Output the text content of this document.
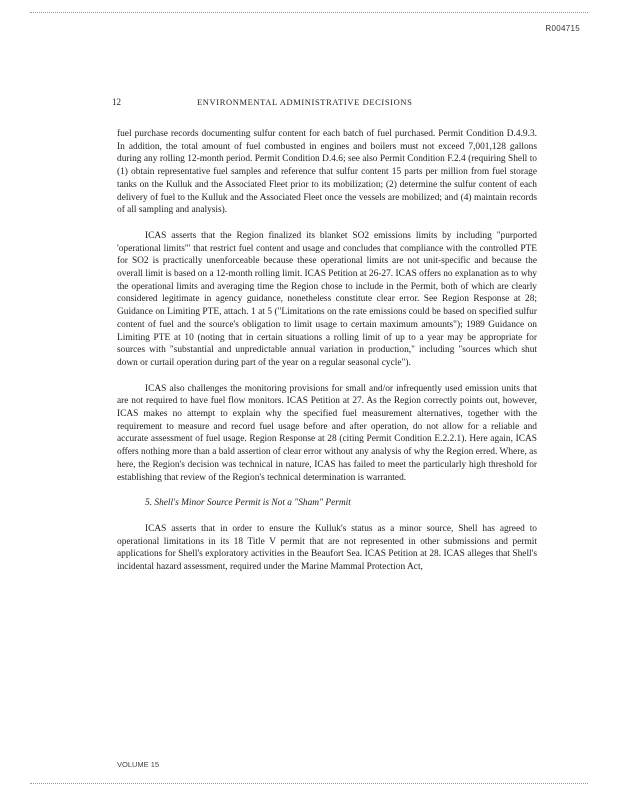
R004715
12	ENVIRONMENTAL ADMINISTRATIVE DECISIONS

fuel purchase records documenting sulfur content for each batch of fuel purchased. Permit Condition D.4.9.3. In addition, the total amount of fuel combusted in engines and boilers must not exceed 7,001,128 gallons during any rolling 12-month period. Permit Condition D.4.6; see also Permit Condition F.2.4 (requiring Shell to (1) obtain representative fuel samples and reference that sulfur content 15 parts per million from fuel storage tanks on the Kulluk and the Associated Fleet prior to its mobilization; (2) determine the sulfur content of each delivery of fuel to the Kulluk and the Associated Fleet once the vessels are mobilized; and (4) maintain records of all sampling and analysis).

ICAS asserts that the Region finalized its blanket SO2 emissions limits by including "purported 'operational limits'" that restrict fuel content and usage and concludes that compliance with the controlled PTE for SO2 is practically unenforceable because these operational limits are not unit-specific and because the overall limit is based on a 12-month rolling limit. ICAS Petition at 26-27. ICAS offers no explanation as to why the operational limits and averaging time the Region chose to include in the Permit, both of which are clearly considered legitimate in agency guidance, nonetheless constitute clear error. See Region Response at 28; Guidance on Limiting PTE, attach. 1 at 5 ("Limitations on the rate emissions could be based on specified sulfur content of fuel and the source's obligation to limit usage to certain maximum amounts"); 1989 Guidance on Limiting PTE at 10 (noting that in certain situations a rolling limit of up to a year may be appropriate for sources with "substantial and unpredictable annual variation in production," including "sources which shut down or curtail operation during part of the year on a regular seasonal cycle").

ICAS also challenges the monitoring provisions for small and/or infrequently used emission units that are not required to have fuel flow monitors. ICAS Petition at 27. As the Region correctly points out, however, ICAS makes no attempt to explain why the specified fuel measurement alternatives, together with the requirement to measure and record fuel usage before and after operation, do not allow for a reliable and accurate assessment of fuel usage. Region Response at 28 (citing Permit Condition E.2.2.1). Here again, ICAS offers nothing more than a bald assertion of clear error without any analysis of why the Region erred. Where, as here, the Region's decision was technical in nature, ICAS has failed to meet the particularly high threshold for establishing that review of the Region's technical determination is warranted.

5. Shell's Minor Source Permit is Not a "Sham" Permit

ICAS asserts that in order to ensure the Kulluk's status as a minor source, Shell has agreed to operational limitations in its 18 Title V permit that are not represented in other submissions and permit applications for Shell's exploratory activities in the Beaufort Sea. ICAS Petition at 28. ICAS alleges that Shell's incidental hazard assessment, required under the Marine Mammal Protection Act,

VOLUME 15
